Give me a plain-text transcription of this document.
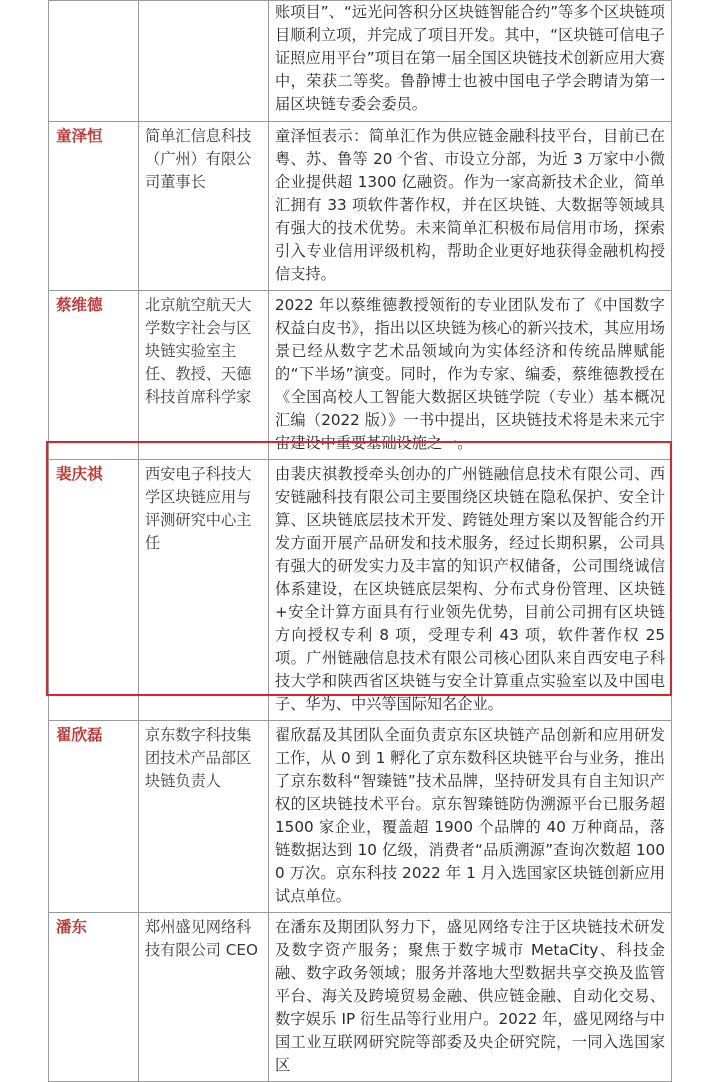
		账项目”、“远光问答积分区块链智能合约”等多个区块链项目顺利立项，并完成了项目开发。其中，“区块链可信电子证照应用平台”项目在第一届全国区块链技术创新应用大赛中，荣获二等奖。鲁静博士也被中国电子学会聘请为第一届区块链专委会委员。
童泽恒	简单汇信息科技（广州）有限公司董事长	童泽恒表示：简单汇作为供应链金融科技平台，目前已在粤、苏、鲁等 20 个省、市设立分部，为近 3 万家中小微企业提供超 1300 亿融资。作为一家高新技术企业，简单汇拥有 33 项软件著作权，并在区块链、大数据等领域具有强大的技术优势。未来简单汇积极布局信用市场，探索引入专业信用评级机构，帮助企业更好地获得金融机构授信支持。
蔡维德	北京航空航天大学数字社会与区块链实验室主任、教授、天德科技首席科学家	2022 年以蔡维德教授领衔的专业团队发布了《中国数字权益白皮书》，指出以区块链为核心的新兴技术，其应用场景已经从数字艺术品领域向为实体经济和传统品牌赋能的“下半场”演变。同时，作为专家、编委，蔡维德教授在《全国高校人工智能大数据区块链学院（专业）基本概况汇编（2022 版）》一书中提出，区块链技术将是未来元宇宙建设中重要基础设施之一。
裴庆祺	西安电子科技大学区块链应用与评测研究中心主任	由裴庆祺教授牵头创办的广州链融信息技术有限公司、西安链融科技有限公司主要围绕区块链在隐私保护、安全计算、区块链底层技术开发、跨链处理方案以及智能合约开发方面开展产品研发和技术服务，经过长期积累，公司具有强大的研发实力及丰富的知识产权储备，公司围绕诚信体系建设，在区块链底层架构、分布式身份管理、区块链+安全计算方面具有行业领先优势，目前公司拥有区块链方向授权专利 8 项，受理专利 43 项，软件著作权 25 项。广州链融信息技术有限公司核心团队来自西安电子科技大学和陕西省区块链与安全计算重点实验室以及中国电子、华为、中兴等国际知名企业。
翟欣磊	京东数字科技集团技术产品部区块链负责人	翟欣磊及其团队全面负责京东区块链产品创新和应用研发工作，从 0 到 1 孵化了京东数科区块链平台与业务，推出了京东数科“智臻链”技术品牌，坚持研发具有自主知识产权的区块链技术平台。京东智臻链防伪溯源平台已服务超 1500 家企业，覆盖超 1900 个品牌的 40 万种商品，落链数据达到 10 亿级，消费者“品质溯源”查询次数超 1000 万次。京东科技 2022 年 1 月入选国家区块链创新应用试点单位。
潘东	郑州盛见网络科技有限公司 CEO	在潘东及期团队努力下，盛见网络专注于区块链技术研发及数字资产服务；聚焦于数字城市 MetaCity、科技金融、数字政务领域；服务并落地大型数据共享交换及监管平台、海关及跨境贸易金融、供应链金融、自动化交易、数字娱乐 IP 衍生品等行业用户。2022 年，盛见网络与中国工业互联网研究院等部委及央企研究院，一同入选国家区
